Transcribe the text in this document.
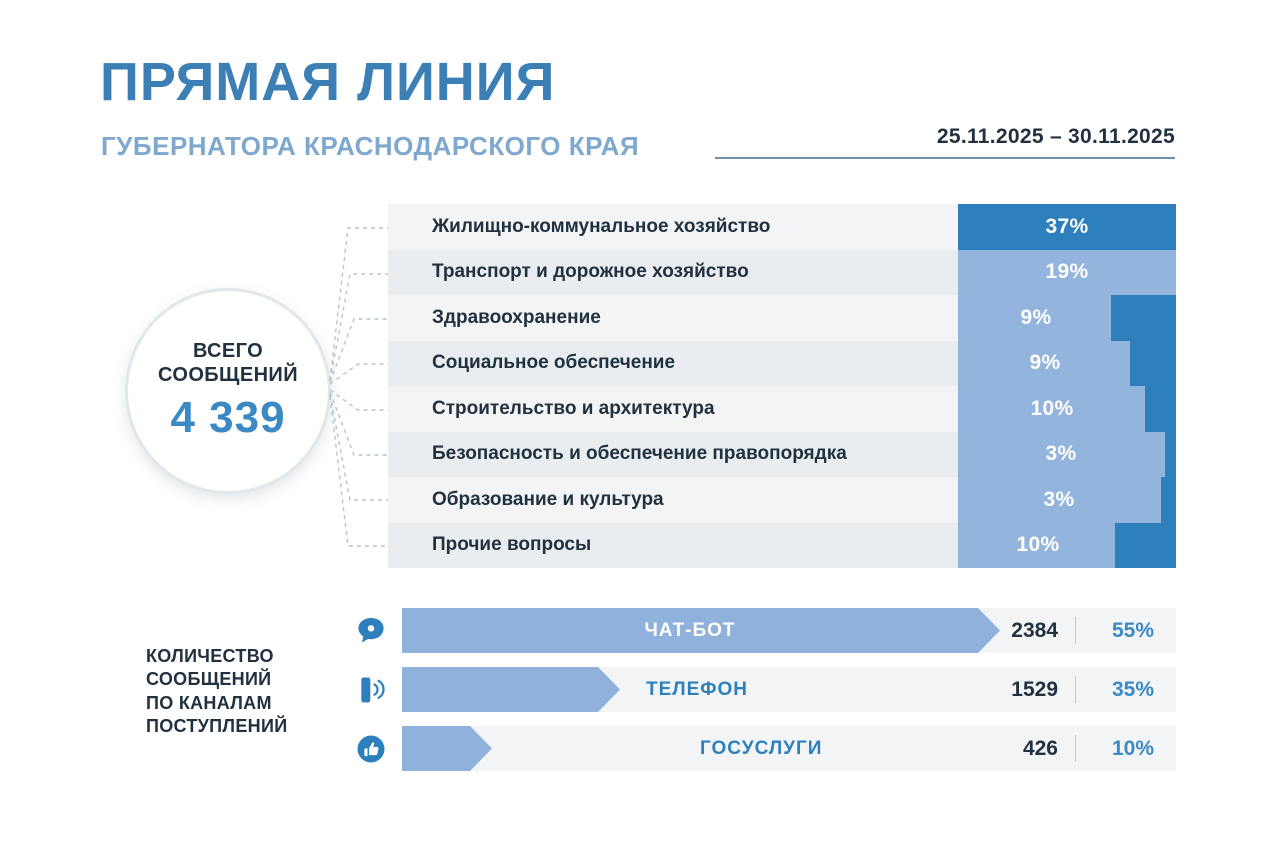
ПРЯМАЯ ЛИНИЯ
ГУБЕРНАТОРА КРАСНОДАРСКОГО КРАЯ	25.11.2025 – 30.11.2025
ВСЕГО
СООБЩЕНИЙ
4 339
Жилищно-коммунальное хозяйство	37%
Транспорт и дорожное хозяйство	19%
Здравоохранение	9%
Социальное обеспечение	9%
Строительство и архитектура	10%
Безопасность и обеспечение правопорядка	3%
Образование и культура	3%
Прочие вопросы	10%
КОЛИЧЕСТВО
СООБЩЕНИЙ
ПО КАНАЛАМ
ПОСТУПЛЕНИЙ
ЧАТ-БОТ	2384	55%
ТЕЛЕФОН	1529	35%
ГОСУСЛУГИ	426	10%
